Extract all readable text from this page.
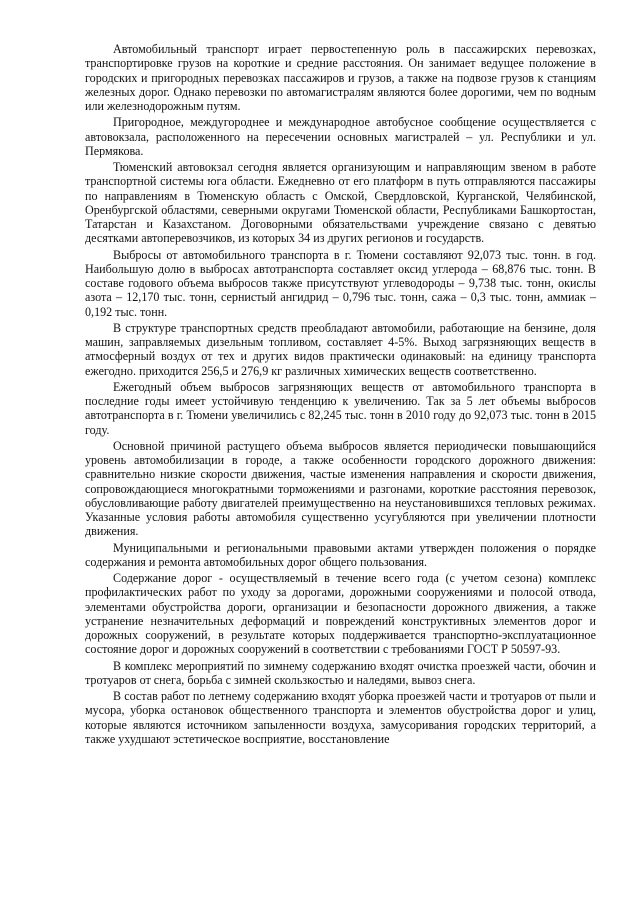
Автомобильный транспорт играет первостепенную роль в пассажирских перевозках, транспортировке грузов на короткие и средние расстояния. Он занимает ведущее положение в городских и пригородных перевозках пассажиров и грузов, а также на подвозе грузов к станциям железных дорог. Однако перевозки по автомагистралям являются более дорогими, чем по водным или железнодорожным путям.

Пригородное, междугороднее и международное автобусное сообщение осуществляется с автовокзала, расположенного на пересечении основных магистралей – ул. Республики и ул. Пермякова.

Тюменский автовокзал сегодня является организующим и направляющим звеном в работе транспортной системы юга области. Ежедневно от его платформ в путь отправляются пассажиры по направлениям в Тюменскую область с Омской, Свердловской, Курганской, Челябинской, Оренбургской областями, северными округами Тюменской области, Республиками Башкортостан, Татарстан и Казахстаном. Договорными обязательствами учреждение связано с девятью десятками автоперевозчиков, из которых 34 из других регионов и государств.

Выбросы от автомобильного транспорта в г. Тюмени составляют 92,073 тыс. тонн. в год. Наибольшую долю в выбросах автотранспорта составляет оксид углерода – 68,876 тыс. тонн. В составе годового объема выбросов также присутствуют углеводороды – 9,738 тыс. тонн, окислы азота – 12,170 тыс. тонн, сернистый ангидрид – 0,796 тыс. тонн, сажа – 0,3 тыс. тонн, аммиак – 0,192 тыс. тонн.

В структуре транспортных средств преобладают автомобили, работающие на бензине, доля машин, заправляемых дизельным топливом, составляет 4-5%. Выход загрязняющих веществ в атмосферный воздух от тех и других видов практически одинаковый: на единицу транспорта ежегодно. приходится 256,5 и 276,9 кг различных химических веществ соответственно.

Ежегодный объем выбросов загрязняющих веществ от автомобильного транспорта в последние годы имеет устойчивую тенденцию к увеличению. Так за 5 лет объемы выбросов автотранспорта в г. Тюмени увеличились с 82,245 тыс. тонн в 2010 году до 92,073 тыс. тонн в 2015 году.

Основной причиной растущего объема выбросов является периодически повышающийся уровень автомобилизации в городе, а также особенности городского дорожного движения: сравнительно низкие скорости движения, частые изменения направления и скорости движения, сопровождающиеся многократными торможениями и разгонами, короткие расстояния перевозок, обусловливающие работу двигателей преимущественно на неустановившихся тепловых режимах. Указанные условия работы автомобиля существенно усугубляются при увеличении плотности движения.

Муниципальными и региональными правовыми актами утвержден положения о порядке содержания и ремонта автомобильных дорог общего пользования.

Содержание дорог - осуществляемый в течение всего года (с учетом сезона) комплекс профилактических работ по уходу за дорогами, дорожными сооружениями и полосой отвода, элементами обустройства дороги, организации и безопасности дорожного движения, а также устранение незначительных деформаций и повреждений конструктивных элементов дорог и дорожных сооружений, в результате которых поддерживается транспортно-эксплуатационное состояние дорог и дорожных сооружений в соответствии с требованиями ГОСТ Р 50597-93.

В комплекс мероприятий по зимнему содержанию входят очистка проезжей части, обочин и тротуаров от снега, борьба с зимней скользкостью и наледями, вывоз снега.

В состав работ по летнему содержанию входят уборка проезжей части и тротуаров от пыли и мусора, уборка остановок общественного транспорта и элементов обустройства дорог и улиц, которые являются источником запыленности воздуха, замусоривания городских территорий, а также ухудшают эстетическое восприятие, восстановление
